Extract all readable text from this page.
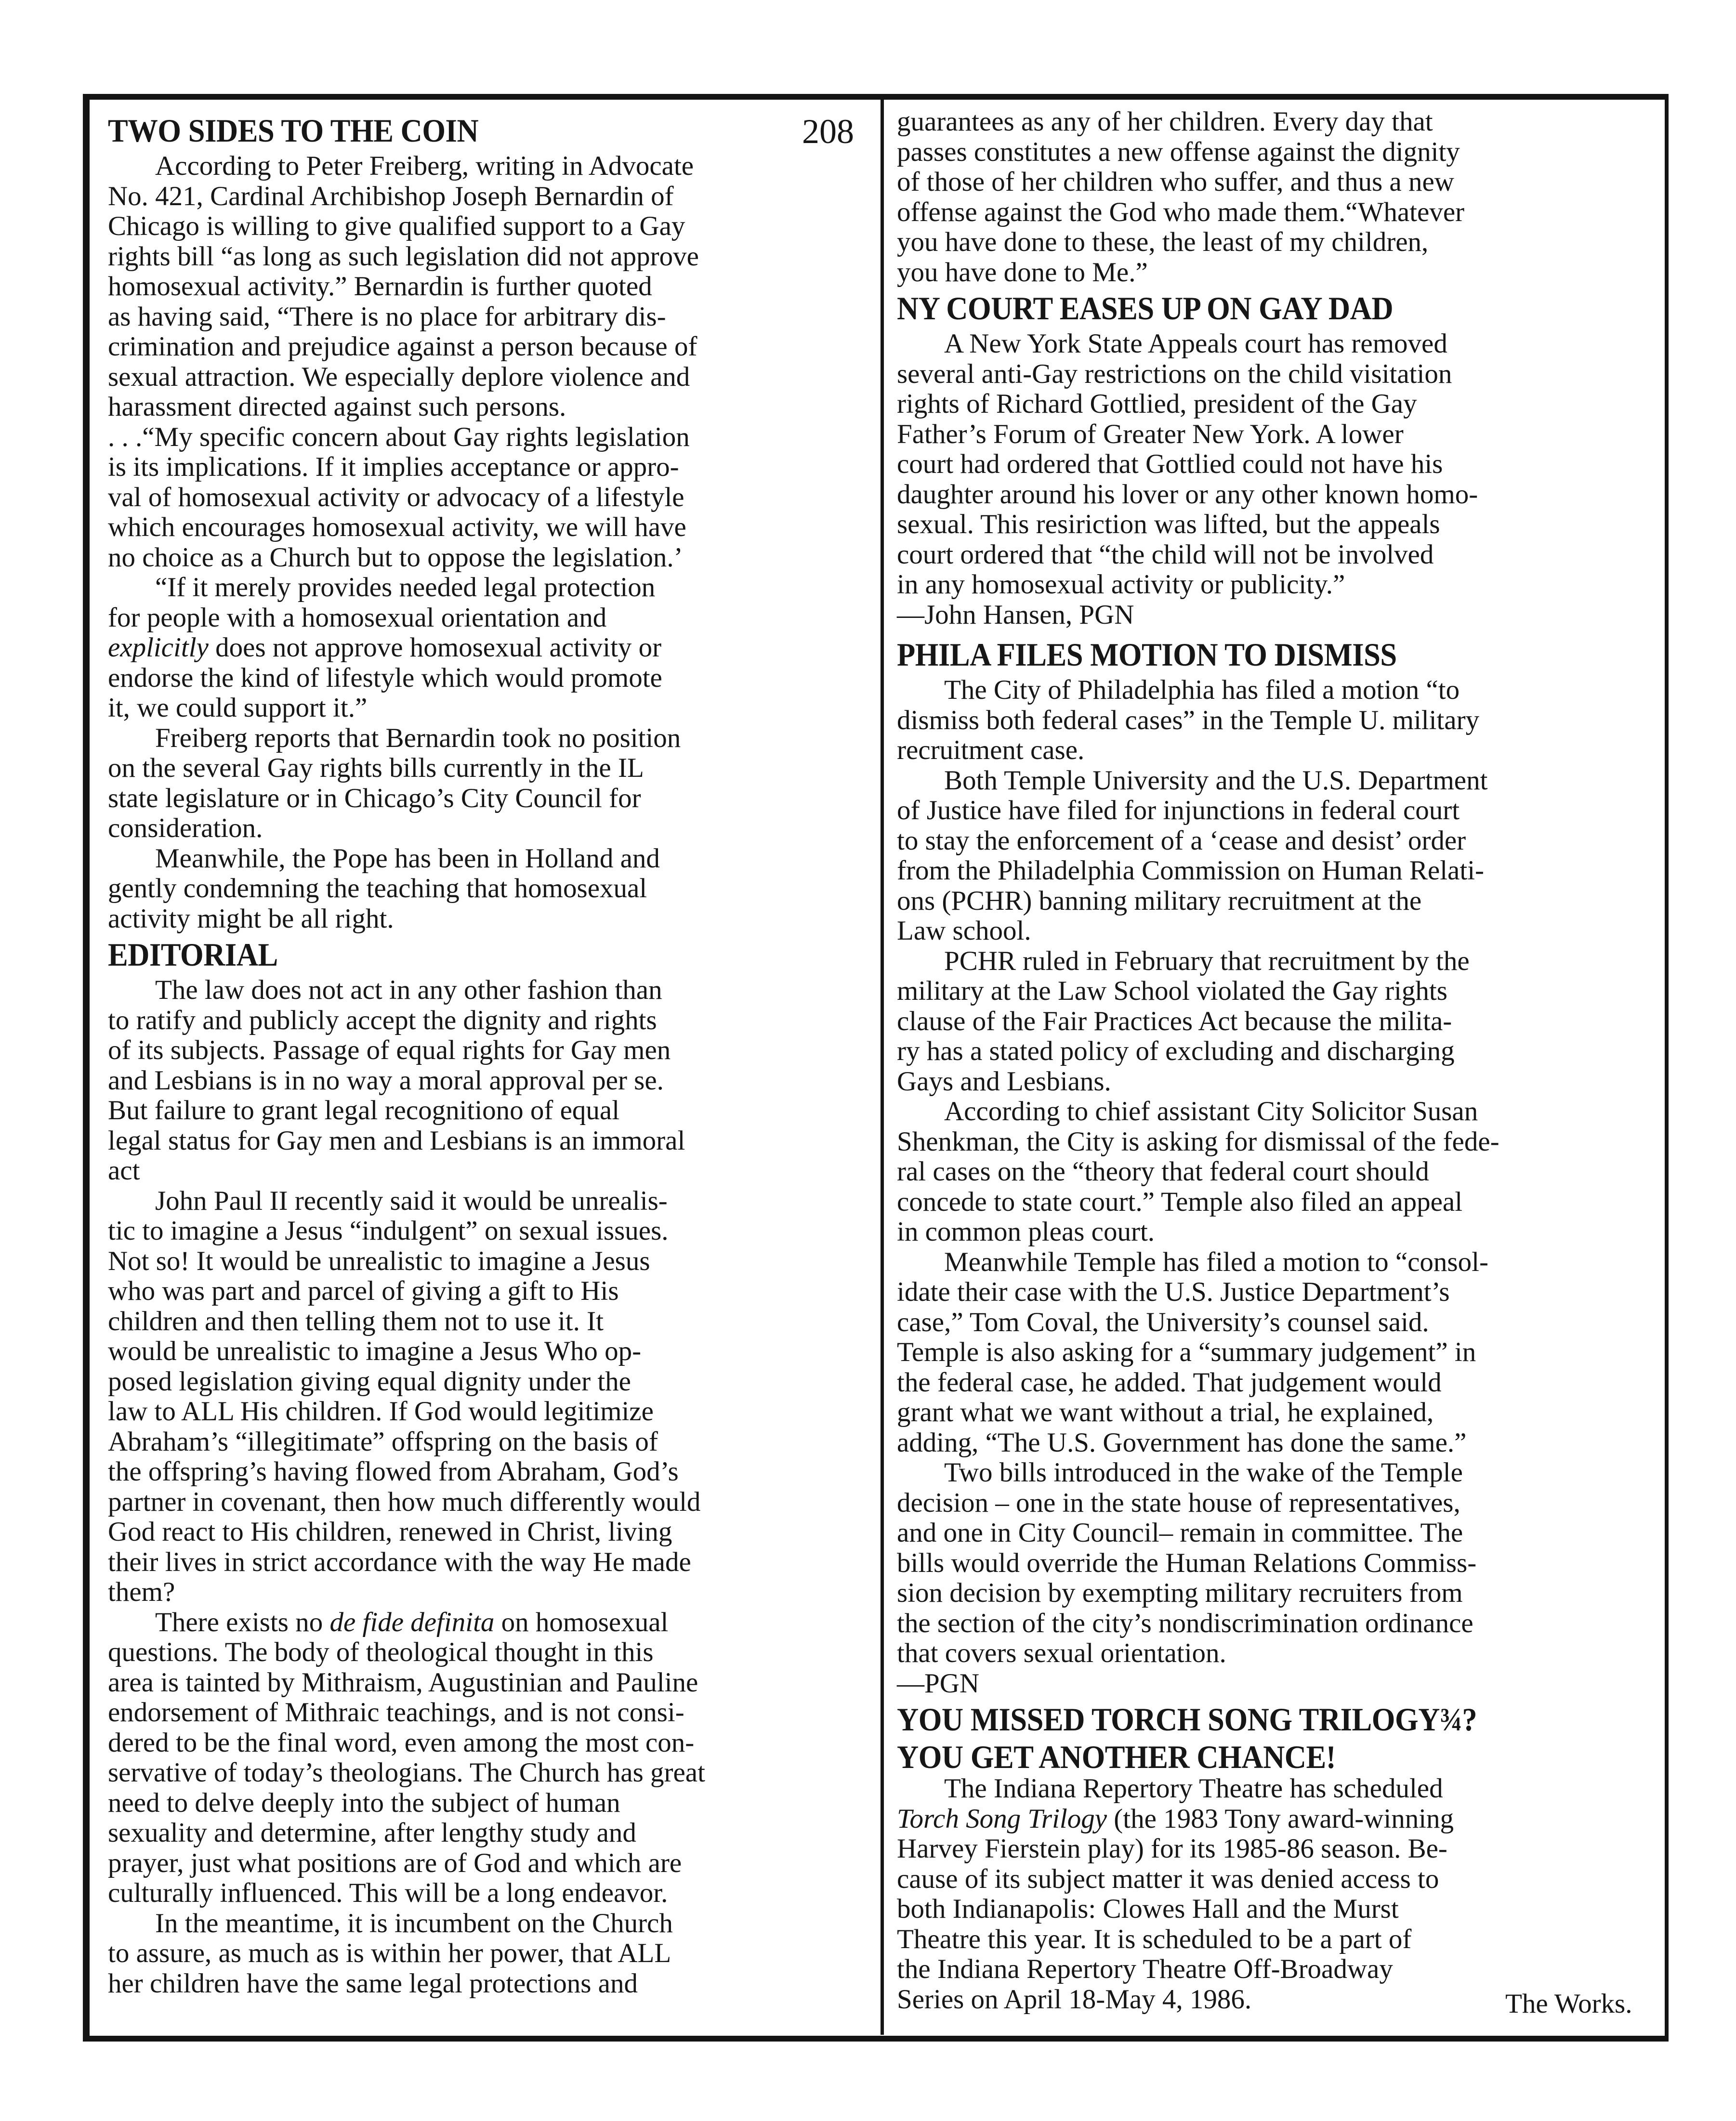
208
TWO SIDES TO THE COIN
According to Peter Freiberg, writing in Advocate
No. 421, Cardinal Archibishop Joseph Bernardin of
Chicago is willing to give qualified support to a Gay
rights bill “as long as such legislation did not approve
homosexual activity.” Bernardin is further quoted
as having said, “There is no place for arbitrary dis-
crimination and prejudice against a person because of
sexual attraction. We especially deplore violence and
harassment directed against such persons.
. . .“My specific concern about Gay rights legislation
is its implications. If it implies acceptance or appro-
val of homosexual activity or advocacy of a lifestyle
which encourages homosexual activity, we will have
no choice as a Church but to oppose the legislation.’
“If it merely provides needed legal protection
for people with a homosexual orientation and
explicitly does not approve homosexual activity or
endorse the kind of lifestyle which would promote
it, we could support it.”
Freiberg reports that Bernardin took no position
on the several Gay rights bills currently in the IL
state legislature or in Chicago’s City Council for
consideration.
Meanwhile, the Pope has been in Holland and
gently condemning the teaching that homosexual
activity might be all right.
EDITORIAL
The law does not act in any other fashion than
to ratify and publicly accept the dignity and rights
of its subjects. Passage of equal rights for Gay men
and Lesbians is in no way a moral approval per se.
But failure to grant legal recognitiono of equal
legal status for Gay men and Lesbians is an immoral
act
John Paul II recently said it would be unrealis-
tic to imagine a Jesus “indulgent” on sexual issues.
Not so! It would be unrealistic to imagine a Jesus
who was part and parcel of giving a gift to His
children and then telling them not to use it. It
would be unrealistic to imagine a Jesus Who op-
posed legislation giving equal dignity under the
law to ALL His children. If God would legitimize
Abraham’s “illegitimate” offspring on the basis of
the offspring’s having flowed from Abraham, God’s
partner in covenant, then how much differently would
God react to His children, renewed in Christ, living
their lives in strict accordance with the way He made
them?
There exists no de fide definita on homosexual
questions. The body of theological thought in this
area is tainted by Mithraism, Augustinian and Pauline
endorsement of Mithraic teachings, and is not consi-
dered to be the final word, even among the most con-
servative of today’s theologians. The Church has great
need to delve deeply into the subject of human
sexuality and determine, after lengthy study and
prayer, just what positions are of God and which are
culturally influenced. This will be a long endeavor.
In the meantime, it is incumbent on the Church
to assure, as much as is within her power, that ALL
her children have the same legal protections and
guarantees as any of her children. Every day that
passes constitutes a new offense against the dignity
of those of her children who suffer, and thus a new
offense against the God who made them.“Whatever
you have done to these, the least of my children,
you have done to Me.”
NY COURT EASES UP ON GAY DAD
A New York State Appeals court has removed
several anti-Gay restrictions on the child visitation
rights of Richard Gottlied, president of the Gay
Father’s Forum of Greater New York. A lower
court had ordered that Gottlied could not have his
daughter around his lover or any other known homo-
sexual. This resiriction was lifted, but the appeals
court ordered that “the child will not be involved
in any homosexual activity or publicity.”
—John Hansen, PGN
PHILA FILES MOTION TO DISMISS
The City of Philadelphia has filed a motion “to
dismiss both federal cases” in the Temple U. military
recruitment case.
Both Temple University and the U.S. Department
of Justice have filed for injunctions in federal court
to stay the enforcement of a ‘cease and desist’ order
from the Philadelphia Commission on Human Relati-
ons (PCHR) banning military recruitment at the
Law school.
PCHR ruled in February that recruitment by the
military at the Law School violated the Gay rights
clause of the Fair Practices Act because the milita-
ry has a stated policy of excluding and discharging
Gays and Lesbians.
According to chief assistant City Solicitor Susan
Shenkman, the City is asking for dismissal of the fede-
ral cases on the “theory that federal court should
concede to state court.” Temple also filed an appeal
in common pleas court.
Meanwhile Temple has filed a motion to “consol-
idate their case with the U.S. Justice Department’s
case,” Tom Coval, the University’s counsel said.
Temple is also asking for a “summary judgement” in
the federal case, he added. That judgement would
grant what we want without a trial, he explained,
adding, “The U.S. Government has done the same.”
Two bills introduced in the wake of the Temple
decision – one in the state house of representatives,
and one in City Council– remain in committee. The
bills would override the Human Relations Commiss-
sion decision by exempting military recruiters from
the section of the city’s nondiscrimination ordinance
that covers sexual orientation.
—PGN
YOU MISSED TORCH SONG TRILOGY¾?
YOU GET ANOTHER CHANCE!
The Indiana Repertory Theatre has scheduled
Torch Song Trilogy (the 1983 Tony award-winning
Harvey Fierstein play) for its 1985-86 season. Be-
cause of its subject matter it was denied access to
both Indianapolis: Clowes Hall and the Murst
Theatre this year. It is scheduled to be a part of
the Indiana Repertory Theatre Off-Broadway
Series on April 18-May 4, 1986.	The Works.
